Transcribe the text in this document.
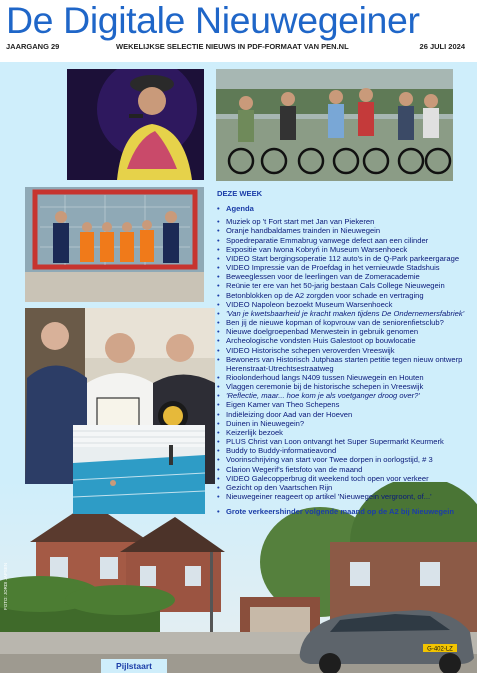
De Digitale Nieuwegeiner
JAARGANG 29	WEKELIJKSE SELECTIE NIEUWS IN PDF-FORMAAT VAN PEN.NL	26 JULI 2024
G-402-LZ
DEZE WEEK
• Agenda
• Muziek op 't Fort start met Jan van Piekeren
• Oranje handbaldames trainden in Nieuwegein
• Spoedreparatie Emmabrug vanwege defect aan een cilinder
• Expositie van Iwona Kobryń in Museum Warsenhoeck
• VIDEO Start bergingsoperatie 112 auto's in de Q-Park parkeergarage
• VIDEO Impressie van de Proefdag in het vernieuwde Stadshuis
• Beweeglessen voor de leerlingen van de Zomeracademie
• Reünie ter ere van het 50-jarig bestaan Cals College Nieuwegein
• Betonblokken op de A2 zorgden voor schade en vertraging
• VIDEO Napoleon bezoekt Museum Warsenhoeck
• 'Van je kwetsbaarheid je kracht maken tijdens De Ondernemersfabriek'
• Ben jij de nieuwe kopman of kopvrouw van de seniorenfietsclub?
• Nieuwe doelgroepenbad Merwestein in gebruik genomen
• Archeologische vondsten Huis Galestoot op bouwlocatie
• VIDEO Historische schepen veroverden Vreeswijk
• Bewoners van Historisch Jutphaas starten petitie tegen nieuw ontwerp Herenstraat-Utrechtsestraatweg
• Rioolonderhoud langs N409 tussen Nieuwegein en Houten
• Vlaggen ceremonie bij de historische schepen in Vreeswijk
• 'Reflectie, maar... hoe kom je als voetganger droog over?'
• Eigen Kamer van Theo Schepens
• Indiëleizing door Aad van der Hoeven
• Duinen in Nieuwegein?
• Keizerlijk bezoek
• PLUS Christ van Loon ontvangt het Super Supermarkt Keurmerk
• Buddy to Buddy-informatieavond
• Voorinschrijving van start voor Twee dorpen in oorlogstijd, # 3
• Clarion Wegerif's fietsfoto van de maand
• VIDEO Galecopperbrug dit weekend toch open voor verkeer
• Gezicht op den Vaartschen Rijn
• Nieuwegeiner reageert op artikel 'Nieuwegein vergroont, of...'
• Grote verkeershinder volgende maand op de A2 bij Nieuwegein
Pijlstaart
FOTO: JORDI JAPSEN
